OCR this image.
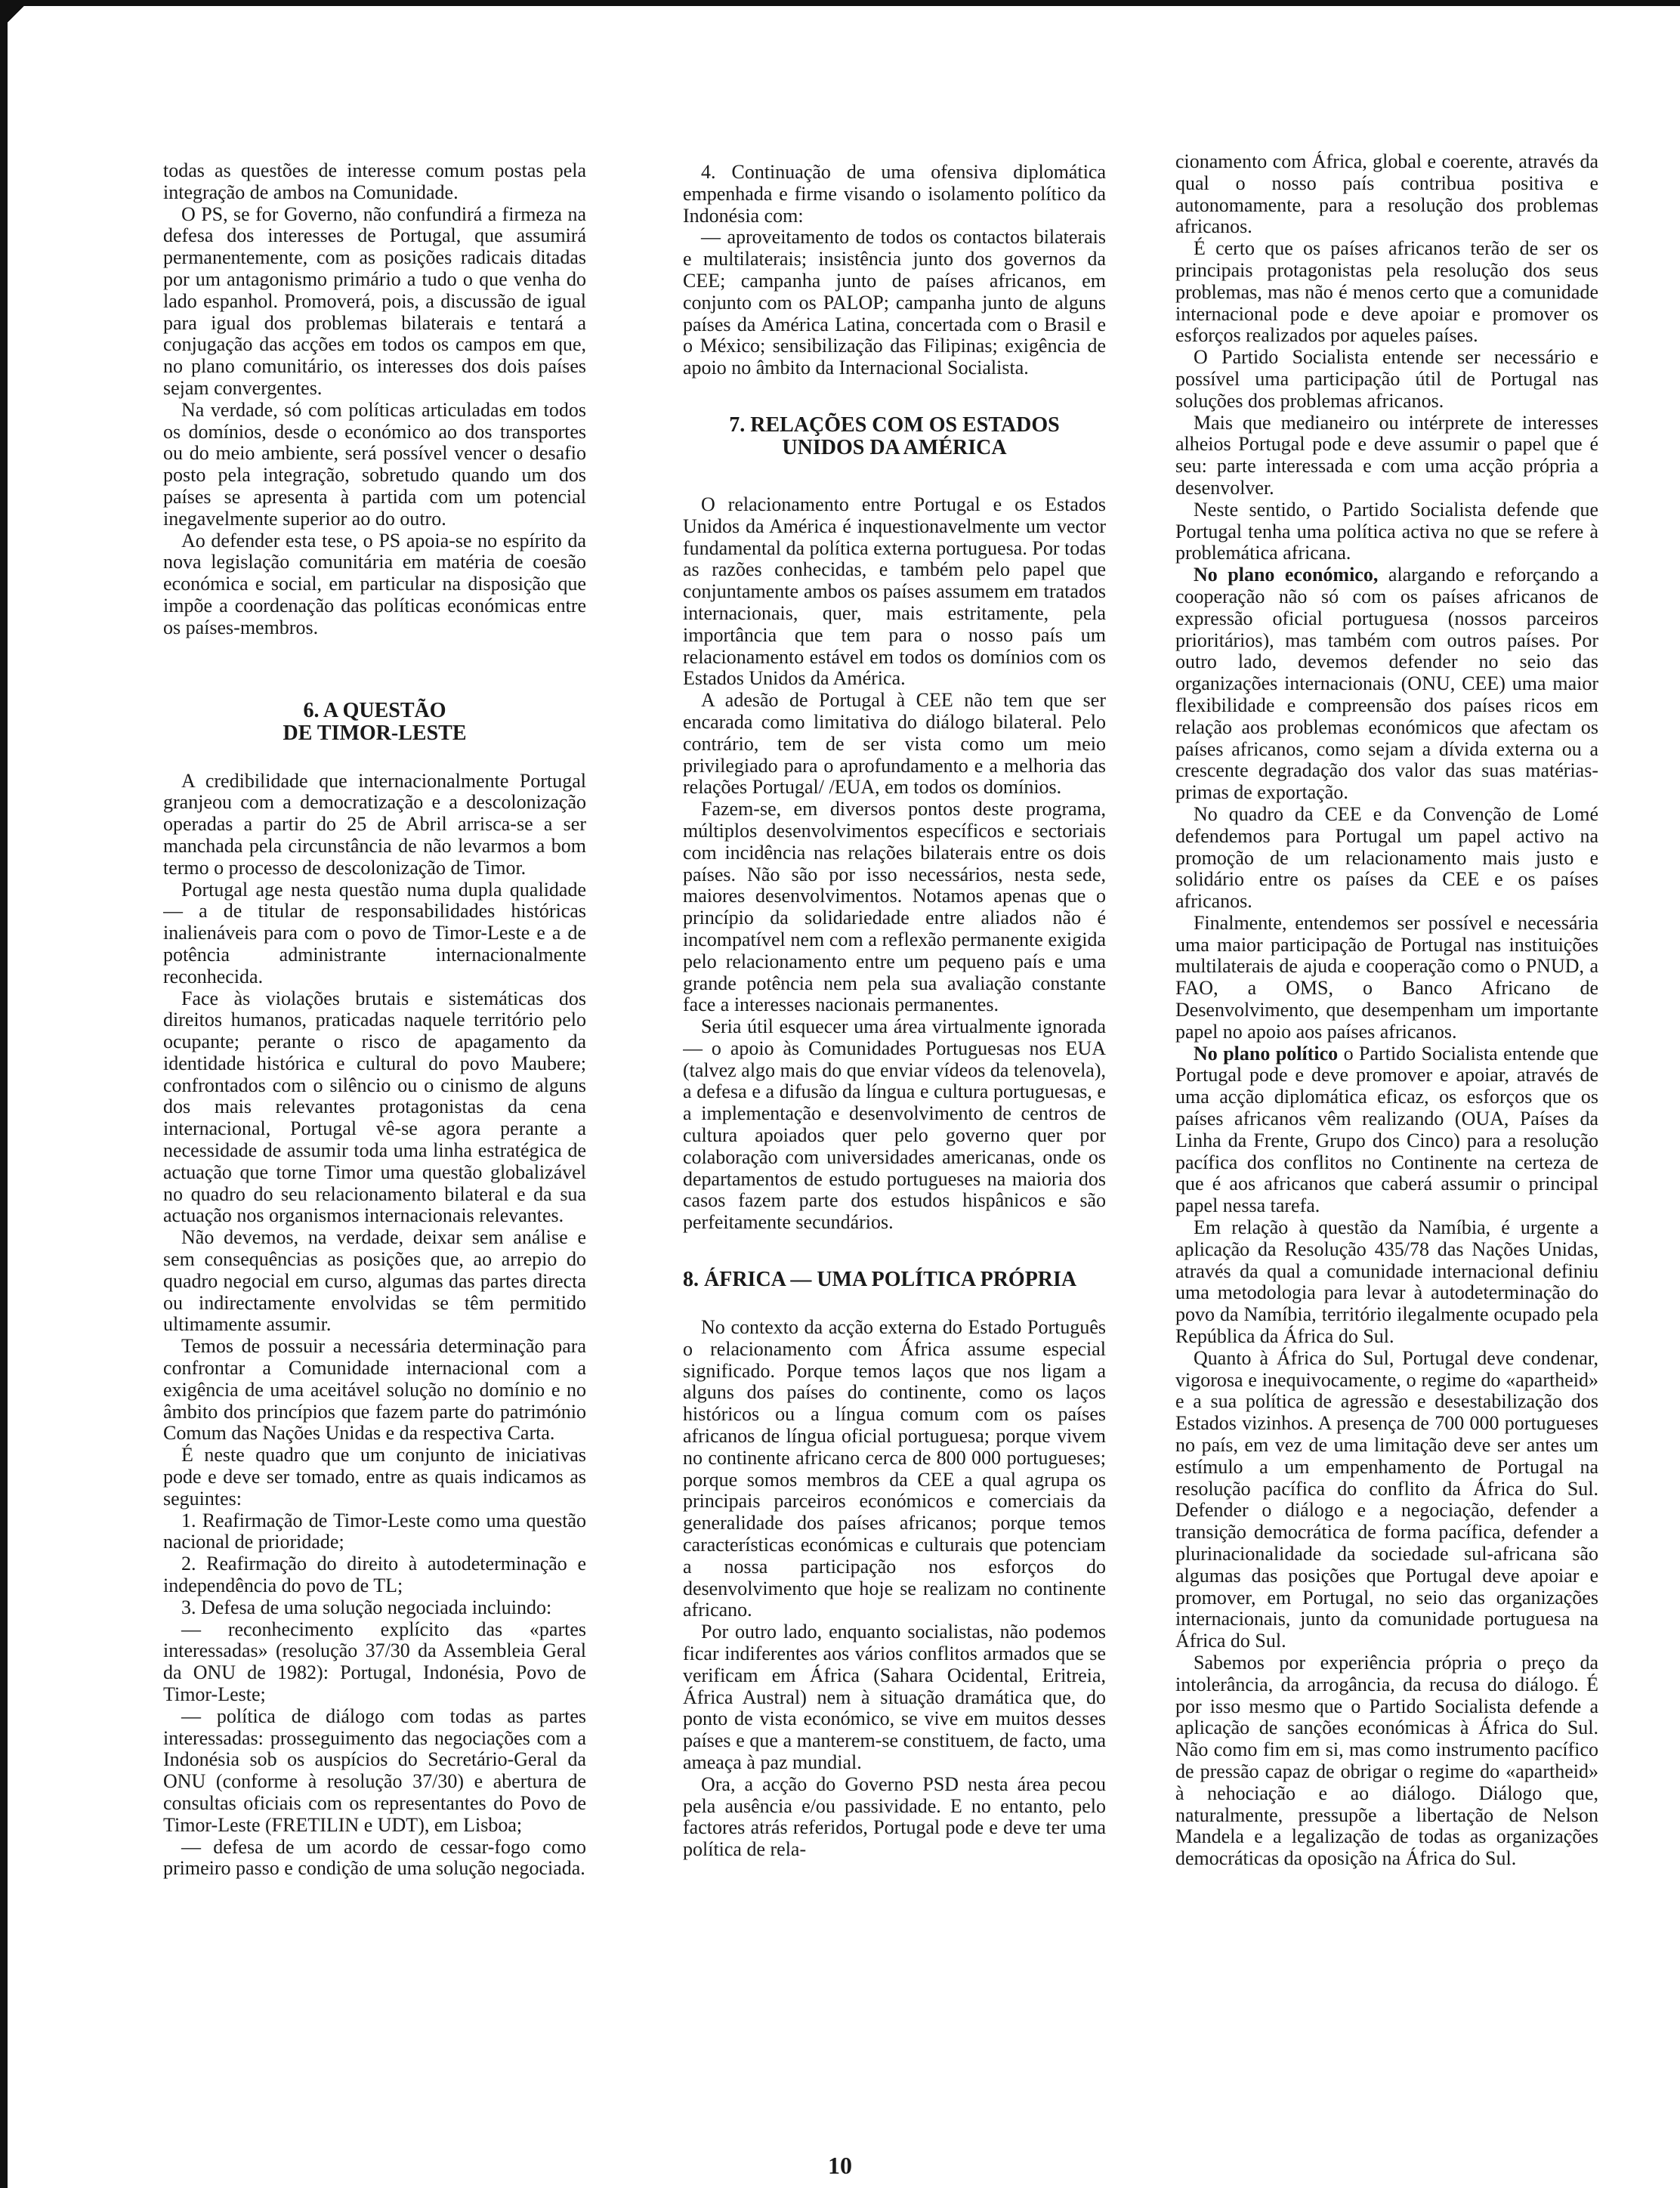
todas as questões de interesse comum postas pela integração de ambos na Comunidade.

O PS, se for Governo, não confundirá a firmeza na defesa dos interesses de Portugal, que assumirá permanentemente, com as posições radicais ditadas por um antagonismo primário a tudo o que venha do lado espanhol. Promoverá, pois, a discussão de igual para igual dos problemas bilaterais e tentará a conjugação das acções em todos os campos em que, no plano comunitário, os interesses dos dois países sejam convergentes.

Na verdade, só com políticas articuladas em todos os domínios, desde o económico ao dos transportes ou do meio ambiente, será possível vencer o desafio posto pela integração, sobretudo quando um dos países se apresenta à partida com um potencial inegavelmente superior ao do outro.

Ao defender esta tese, o PS apoia-se no espírito da nova legislação comunitária em matéria de coesão económica e social, em particular na disposição que impõe a coordenação das políticas económicas entre os países-membros.

6. A QUESTÃO
DE TIMOR-LESTE

A credibilidade que internacionalmente Portugal granjeou com a democratização e a descolonização operadas a partir do 25 de Abril arrisca-se a ser manchada pela circunstância de não levarmos a bom termo o processo de descolonização de Timor.

Portugal age nesta questão numa dupla qualidade — a de titular de responsabilidades históricas inalienáveis para com o povo de Timor-Leste e a de potência administrante internacionalmente reconhecida.

Face às violações brutais e sistemáticas dos direitos humanos, praticadas naquele território pelo ocupante; perante o risco de apagamento da identidade histórica e cultural do povo Maubere; confrontados com o silêncio ou o cinismo de alguns dos mais relevantes protagonistas da cena internacional, Portugal vê-se agora perante a necessidade de assumir toda uma linha estratégica de actuação que torne Timor uma questão globalizável no quadro do seu relacionamento bilateral e da sua actuação nos organismos internacionais relevantes.

Não devemos, na verdade, deixar sem análise e sem consequências as posições que, ao arrepio do quadro negocial em curso, algumas das partes directa ou indirectamente envolvidas se têm permitido ultimamente assumir.

Temos de possuir a necessária determinação para confrontar a Comunidade internacional com a exigência de uma aceitável solução no domínio e no âmbito dos princípios que fazem parte do património Comum das Nações Unidas e da respectiva Carta.

É neste quadro que um conjunto de iniciativas pode e deve ser tomado, entre as quais indicamos as seguintes:

1. Reafirmação de Timor-Leste como uma questão nacional de prioridade;

2. Reafirmação do direito à autodeterminação e independência do povo de TL;

3. Defesa de uma solução negociada incluindo:

— reconhecimento explícito das «partes interessadas» (resolução 37/30 da Assembleia Geral da ONU de 1982): Portugal, Indonésia, Povo de Timor-Leste;

— política de diálogo com todas as partes interessadas: prosseguimento das negociações com a Indonésia sob os auspícios do Secretário-Geral da ONU (conforme à resolução 37/30) e abertura de consultas oficiais com os representantes do Povo de Timor-Leste (FRETILIN e UDT), em Lisboa;

— defesa de um acordo de cessar-fogo como primeiro passo e condição de uma solução negociada.

4. Continuação de uma ofensiva diplomática empenhada e firme visando o isolamento político da Indonésia com:

— aproveitamento de todos os contactos bilaterais e multilaterais; insistência junto dos governos da CEE; campanha junto de países africanos, em conjunto com os PALOP; campanha junto de alguns países da América Latina, concertada com o Brasil e o México; sensibilização das Filipinas; exigência de apoio no âmbito da Internacional Socialista.

7. RELAÇÕES COM OS ESTADOS
UNIDOS DA AMÉRICA

O relacionamento entre Portugal e os Estados Unidos da América é inquestionavelmente um vector fundamental da política externa portuguesa. Por todas as razões conhecidas, e também pelo papel que conjuntamente ambos os países assumem em tratados internacionais, quer, mais estritamente, pela importância que tem para o nosso país um relacionamento estável em todos os domínios com os Estados Unidos da América.

A adesão de Portugal à CEE não tem que ser encarada como limitativa do diálogo bilateral. Pelo contrário, tem de ser vista como um meio privilegiado para o aprofundamento e a melhoria das relações Portugal/ /EUA, em todos os domínios.

Fazem-se, em diversos pontos deste programa, múltiplos desenvolvimentos específicos e sectoriais com incidência nas relações bilaterais entre os dois países. Não são por isso necessários, nesta sede, maiores desenvolvimentos. Notamos apenas que o princípio da solidariedade entre aliados não é incompatível nem com a reflexão permanente exigida pelo relacionamento entre um pequeno país e uma grande potência nem pela sua avaliação constante face a interesses nacionais permanentes.

Seria útil esquecer uma área virtualmente ignorada — o apoio às Comunidades Portuguesas nos EUA (talvez algo mais do que enviar vídeos da telenovela), a defesa e a difusão da língua e cultura portuguesas, e a implementação e desenvolvimento de centros de cultura apoiados quer pelo governo quer por colaboração com universidades americanas, onde os departamentos de estudo portugueses na maioria dos casos fazem parte dos estudos hispânicos e são perfeitamente secundários.

8. ÁFRICA — UMA POLÍTICA PRÓPRIA

No contexto da acção externa do Estado Português o relacionamento com África assume especial significado. Porque temos laços que nos ligam a alguns dos países do continente, como os laços históricos ou a língua comum com os países africanos de língua oficial portuguesa; porque vivem no continente africano cerca de 800 000 portugueses; porque somos membros da CEE a qual agrupa os principais parceiros económicos e comerciais da generalidade dos países africanos; porque temos características económicas e culturais que potenciam a nossa participação nos esforços do desenvolvimento que hoje se realizam no continente africano.

Por outro lado, enquanto socialistas, não podemos ficar indiferentes aos vários conflitos armados que se verificam em África (Sahara Ocidental, Eritreia, África Austral) nem à situação dramática que, do ponto de vista económico, se vive em muitos desses países e que a manterem-se constituem, de facto, uma ameaça à paz mundial.

Ora, a acção do Governo PSD nesta área pecou pela ausência e/ou passividade. E no entanto, pelo factores atrás referidos, Portugal pode e deve ter uma política de rela-

cionamento com África, global e coerente, através da qual o nosso país contribua positiva e autonomamente, para a resolução dos problemas africanos.

É certo que os países africanos terão de ser os principais protagonistas pela resolução dos seus problemas, mas não é menos certo que a comunidade internacional pode e deve apoiar e promover os esforços realizados por aqueles países.

O Partido Socialista entende ser necessário e possível uma participação útil de Portugal nas soluções dos problemas africanos.

Mais que medianeiro ou intérprete de interesses alheios Portugal pode e deve assumir o papel que é seu: parte interessada e com uma acção própria a desenvolver.

Neste sentido, o Partido Socialista defende que Portugal tenha uma política activa no que se refere à problemática africana.

No plano económico, alargando e reforçando a cooperação não só com os países africanos de expressão oficial portuguesa (nossos parceiros prioritários), mas também com outros países. Por outro lado, devemos defender no seio das organizações internacionais (ONU, CEE) uma maior flexibilidade e compreensão dos países ricos em relação aos problemas económicos que afectam os países africanos, como sejam a dívida externa ou a crescente degradação dos valor das suas matérias-primas de exportação.

No quadro da CEE e da Convenção de Lomé defendemos para Portugal um papel activo na promoção de um relacionamento mais justo e solidário entre os países da CEE e os países africanos.

Finalmente, entendemos ser possível e necessária uma maior participação de Portugal nas instituições multilaterais de ajuda e cooperação como o PNUD, a FAO, a OMS, o Banco Africano de Desenvolvimento, que desempenham um importante papel no apoio aos países africanos.

No plano político o Partido Socialista entende que Portugal pode e deve promover e apoiar, através de uma acção diplomática eficaz, os esforços que os países africanos vêm realizando (OUA, Países da Linha da Frente, Grupo dos Cinco) para a resolução pacífica dos conflitos no Continente na certeza de que é aos africanos que caberá assumir o principal papel nessa tarefa.

Em relação à questão da Namíbia, é urgente a aplicação da Resolução 435/78 das Nações Unidas, através da qual a comunidade internacional definiu uma metodologia para levar à autodeterminação do povo da Namíbia, território ilegalmente ocupado pela República da África do Sul.

Quanto à África do Sul, Portugal deve condenar, vigorosa e inequivocamente, o regime do «apartheid» e a sua política de agressão e desestabilização dos Estados vizinhos. A presença de 700 000 portugueses no país, em vez de uma limitação deve ser antes um estímulo a um empenhamento de Portugal na resolução pacífica do conflito da África do Sul. Defender o diálogo e a negociação, defender a transição democrática de forma pacífica, defender a plurinacionalidade da sociedade sul-africana são algumas das posições que Portugal deve apoiar e promover, em Portugal, no seio das organizações internacionais, junto da comunidade portuguesa na África do Sul.

Sabemos por experiência própria o preço da intolerância, da arrogância, da recusa do diálogo. É por isso mesmo que o Partido Socialista defende a aplicação de sanções económicas à África do Sul. Não como fim em si, mas como instrumento pacífico de pressão capaz de obrigar o regime do «apartheid» à nehociação e ao diálogo. Diálogo que, naturalmente, pressupõe a libertação de Nelson Mandela e a legalização de todas as organizações democráticas da oposição na África do Sul.

10
